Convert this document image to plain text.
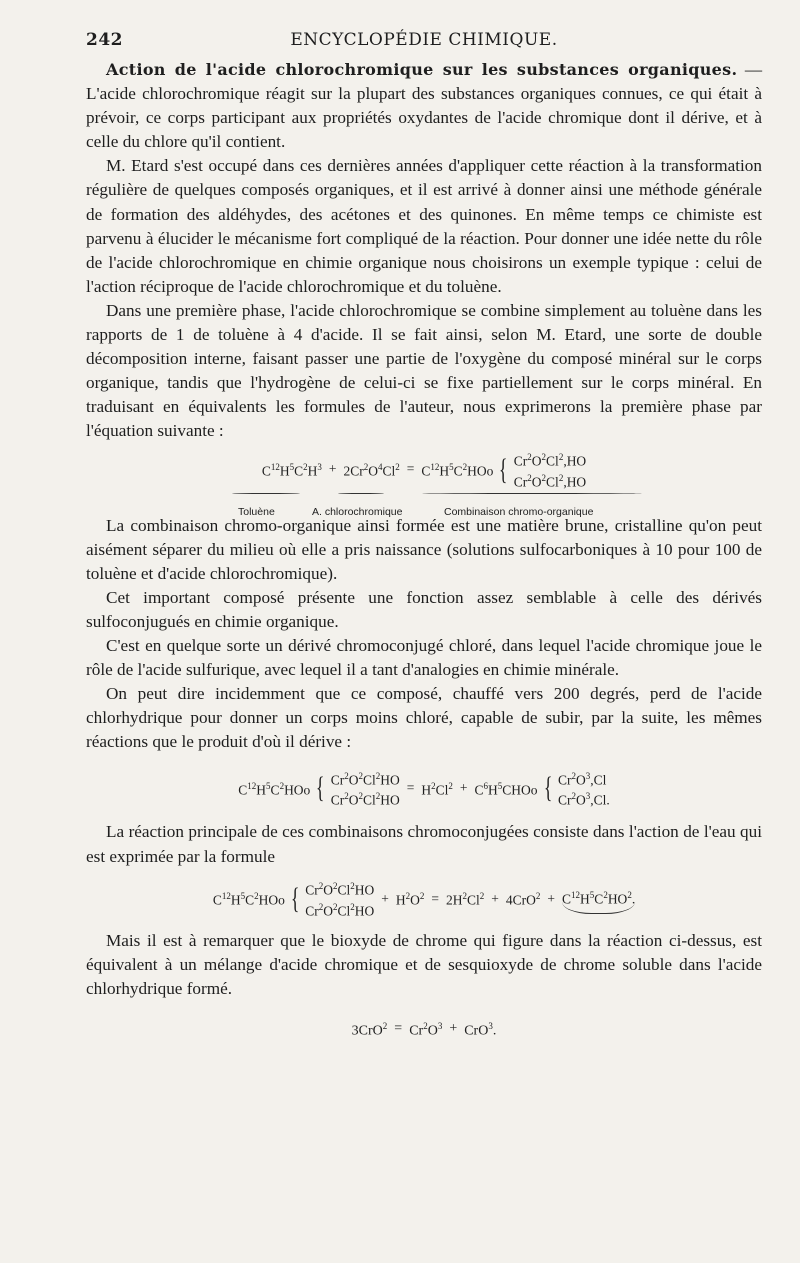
242	ENCYCLOPÉDIE CHIMIQUE.

Action de l'acide chlorochromique sur les substances organiques. — L'acide chlorochromique réagit sur la plupart des substances organiques connues, ce qui était à prévoir, ce corps participant aux propriétés oxydantes de l'acide chromique dont il dérive, et à celle du chlore qu'il contient.

M. Etard s'est occupé dans ces dernières années d'appliquer cette réaction à la transformation régulière de quelques composés organiques, et il est arrivé à donner ainsi une méthode générale de formation des aldéhydes, des acétones et des quinones. En même temps ce chimiste est parvenu à élucider le mécanisme fort compliqué de la réaction. Pour donner une idée nette du rôle de l'acide chlorochromique en chimie organique nous choisirons un exemple typique : celui de l'action réciproque de l'acide chlorochromique et du toluène.

Dans une première phase, l'acide chlorochromique se combine simplement au toluène dans les rapports de 1 de toluène à 4 d'acide. Il se fait ainsi, selon M. Etard, une sorte de double décomposition interne, faisant passer une partie de l'oxygène du composé minéral sur le corps organique, tandis que l'hydrogène de celui-ci se fixe partiellement sur le corps minéral. En traduisant en équivalents les formules de l'auteur, nous exprimerons la première phase par l'équation suivante :

$C^{12}H^5C^2H^3 + 2Cr^2O^4Cl^2 = C^{12}H^5C^2HOo$ { $Cr^2O^2Cl^2,HO$
$Cr^2O^2Cl^2,HO$
Toluène	A. chlorochromique	Combinaison chromo-organique

La combinaison chromo-organique ainsi formée est une matière brune, cristalline qu'on peut aisément séparer du milieu où elle a pris naissance (solutions sulfocarboniques à 10 pour 100 de toluène et d'acide chlorochromique).

Cet important composé présente une fonction assez semblable à celle des dérivés sulfoconjugués en chimie organique.

C'est en quelque sorte un dérivé chromoconjugé chloré, dans lequel l'acide chromique joue le rôle de l'acide sulfurique, avec lequel il a tant d'analogies en chimie minérale.

On peut dire incidemment que ce composé, chauffé vers 200 degrés, perd de l'acide chlorhydrique pour donner un corps moins chloré, capable de subir, par la suite, les mêmes réactions que le produit d'où il dérive :

$C^{12}H^5C^2HOo$ { $Cr^2O^2Cl^2HO$
$Cr^2O^2Cl^2HO$
= $H^2Cl^2$ + $C^6H^5CHOo$ { $Cr^2O^3,Cl$
$Cr^2O^3,Cl$.

La réaction principale de ces combinaisons chromoconjugées consiste dans l'action de l'eau qui est exprimée par la formule

$C^{12}H^5C^2HOo$ { $Cr^2O^2Cl^2HO$
$Cr^2O^2Cl^2HO$
+ $H^2O^2 = 2H^2Cl^2 + 4CrO^2 + C^{12}H^5C^2HO^2$.

Mais il est à remarquer que le bioxyde de chrome qui figure dans la réaction ci-dessus, est équivalent à un mélange d'acide chromique et de sesquioxyde de chrome soluble dans l'acide chlorhydrique formé.

$3CrO^2 = Cr^2O^3 + CrO^3$.
